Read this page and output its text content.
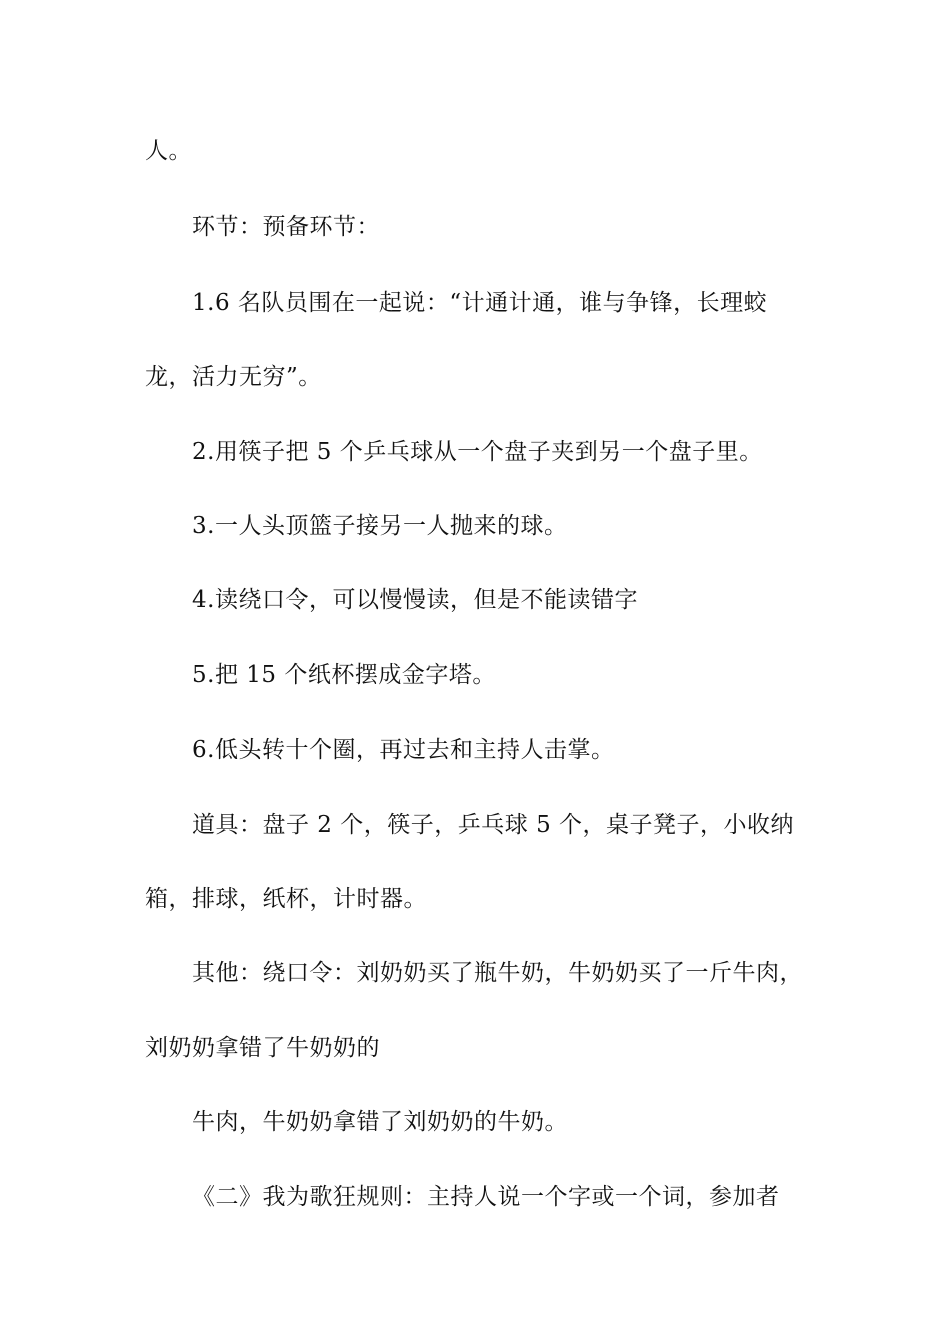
人。
环节：预备环节：
1.6 名队员围在一起说：“计通计通，谁与争锋，长理蛟
龙，活力无穷”。
2.用筷子把 5 个乒乓球从一个盘子夹到另一个盘子里。
3.一人头顶篮子接另一人抛来的球。
4.读绕口令，可以慢慢读，但是不能读错字
5.把 15 个纸杯摆成金字塔。
6.低头转十个圈，再过去和主持人击掌。
道具：盘子 2 个，筷子，乒乓球 5 个，桌子凳子，小收纳
箱，排球，纸杯，计时器。
其他：绕口令：刘奶奶买了瓶牛奶，牛奶奶买了一斤牛肉，
刘奶奶拿错了牛奶奶的
牛肉，牛奶奶拿错了刘奶奶的牛奶。
《二》我为歌狂规则：主持人说一个字或一个词，参加者
